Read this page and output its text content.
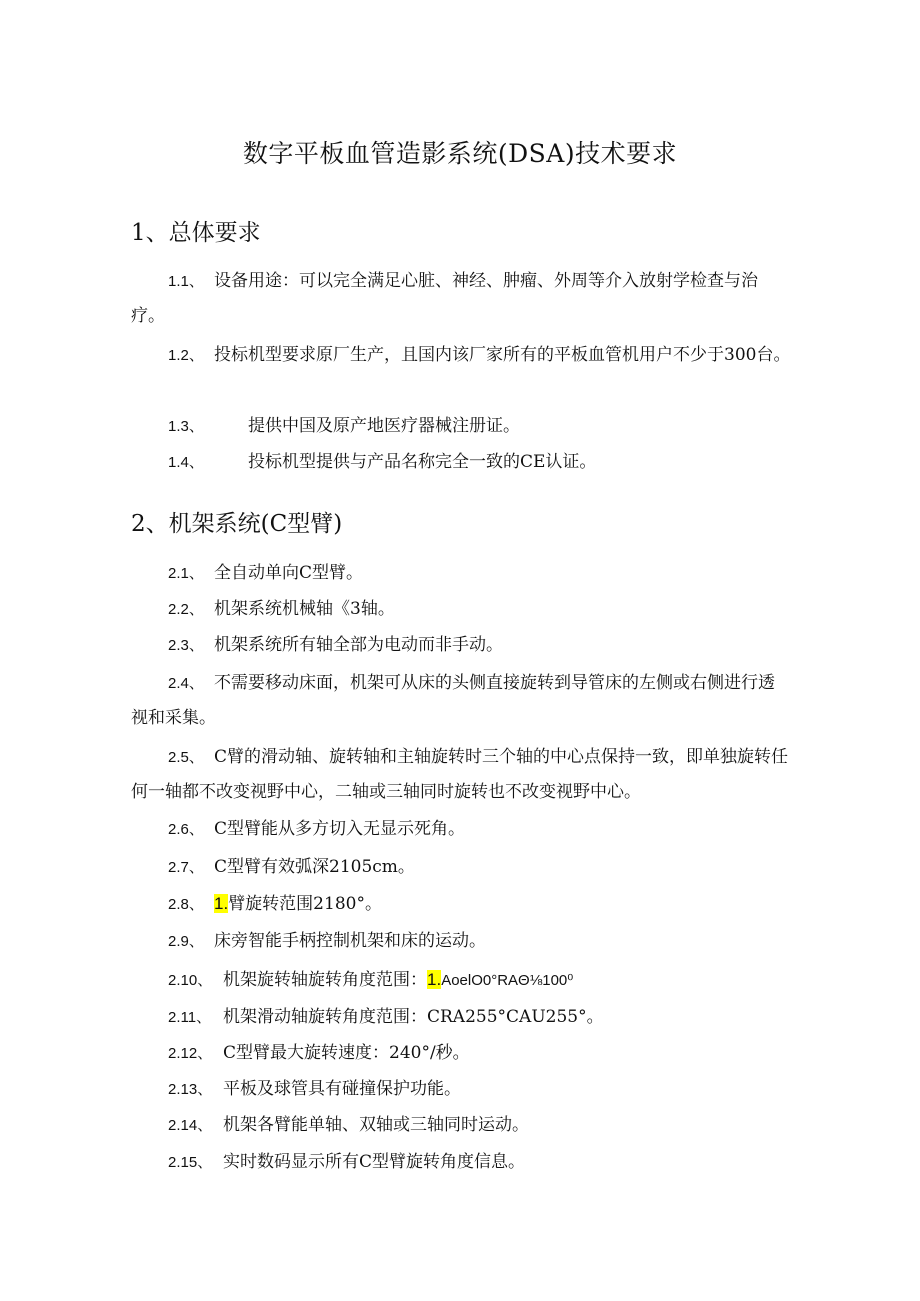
数字平板血管造影系统(DSA)技术要求
1、总体要求
1.1、 设备用途：可以完全满足心脏、神经、肿瘤、外周等介入放射学检查与治疗。
1.2、 投标机型要求原厂生产，且国内该厂家所有的平板血管机用户不少于300台。
1.3、	提供中国及原产地医疗器械注册证。
1.4、	投标机型提供与产品名称完全一致的CE认证。
2、机架系统(C型臂)
2.1、 全自动单向C型臂。
2.2、 机架系统机械轴《3轴。
2.3、 机架系统所有轴全部为电动而非手动。
2.4、 不需要移动床面，机架可从床的头侧直接旋转到导管床的左侧或右侧进行透视和采集。
2.5、 C臂的滑动轴、旋转轴和主轴旋转时三个轴的中心点保持一致，即单独旋转任何一轴都不改变视野中心，二轴或三轴同时旋转也不改变视野中心。
2.6、 C型臂能从多方切入无显示死角。
2.7、 C型臂有效弧深2105cm。
2.8、 1.臂旋转范围2180°。
2.9、 床旁智能手柄控制机架和床的运动。
2.10、 机架旋转轴旋转角度范围：1.AoelO0°RAΘ⅛100⁰
2.11、 机架滑动轴旋转角度范围：CRA255°CAU255°。
2.12、 C型臂最大旋转速度：240°/秒。
2.13、 平板及球管具有碰撞保护功能。
2.14、 机架各臂能单轴、双轴或三轴同时运动。
2.15、 实时数码显示所有C型臂旋转角度信息。
